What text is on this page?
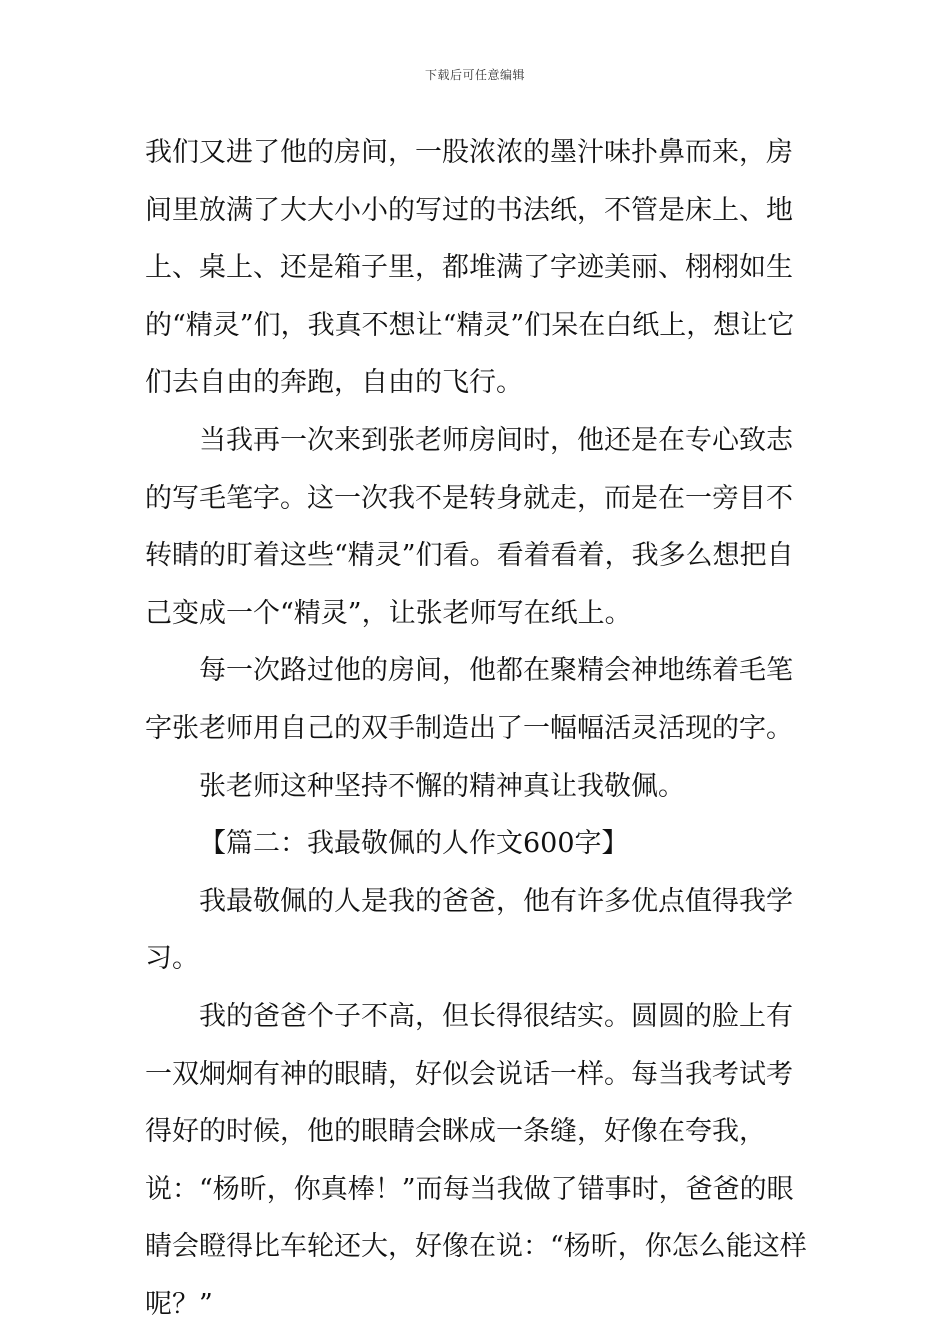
下载后可任意编辑

我们又进了他的房间，一股浓浓的墨汁味扑鼻而来，房间里放满了大大小小的写过的书法纸，不管是床上、地上、桌上、还是箱子里，都堆满了字迹美丽、栩栩如生的“精灵”们，我真不想让“精灵”们呆在白纸上，想让它们去自由的奔跑，自由的飞行。

当我再一次来到张老师房间时，他还是在专心致志的写毛笔字。这一次我不是转身就走，而是在一旁目不转睛的盯着这些“精灵”们看。看着看着，我多么想把自己变成一个“精灵”，让张老师写在纸上。

每一次路过他的房间，他都在聚精会神地练着毛笔字张老师用自己的双手制造出了一幅幅活灵活现的字。

张老师这种坚持不懈的精神真让我敬佩。

【篇二：我最敬佩的人作文600字】

我最敬佩的人是我的爸爸，他有许多优点值得我学习。

我的爸爸个子不高，但长得很结实。圆圆的脸上有一双炯炯有神的眼睛，好似会说话一样。每当我考试考得好的时候，他的眼睛会眯成一条缝，好像在夸我，说：“杨昕，你真棒！”而每当我做了错事时，爸爸的眼睛会瞪得比车轮还大，好像在说：“杨昕，你怎么能这样呢？”
